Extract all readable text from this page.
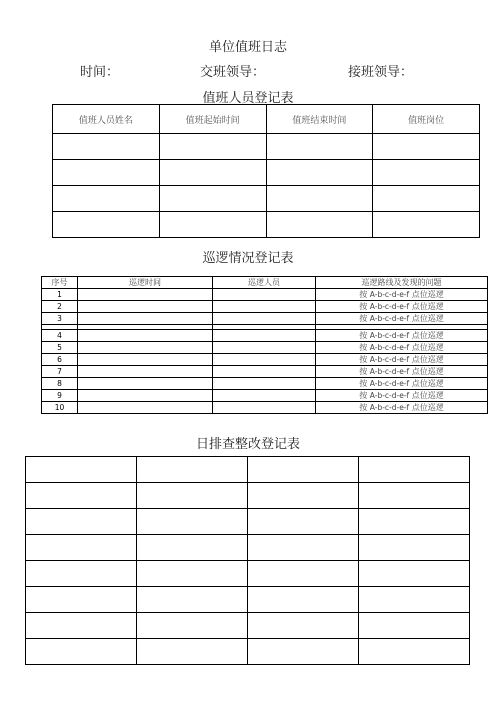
单位值班日志
时间：	交班领导：	接班领导：
值班人员登记表
值班人员姓名	值班起始时间	值班结束时间	值班岗位

巡逻情况登记表
序号	巡逻时间	巡逻人员	巡逻路线及发现的问题
1			按 A-b-c-d-e-f 点位巡逻
2			按 A-b-c-d-e-f 点位巡逻
3			按 A-b-c-d-e-f 点位巡逻

4			按 A-b-c-d-e-f 点位巡逻
5			按 A-b-c-d-e-f 点位巡逻
6			按 A-b-c-d-e-f 点位巡逻
7			按 A-b-c-d-e-f 点位巡逻
8			按 A-b-c-d-e-f 点位巡逻
9			按 A-b-c-d-e-f 点位巡逻
10			按 A-b-c-d-e-f 点位巡逻
日排查整改登记表
